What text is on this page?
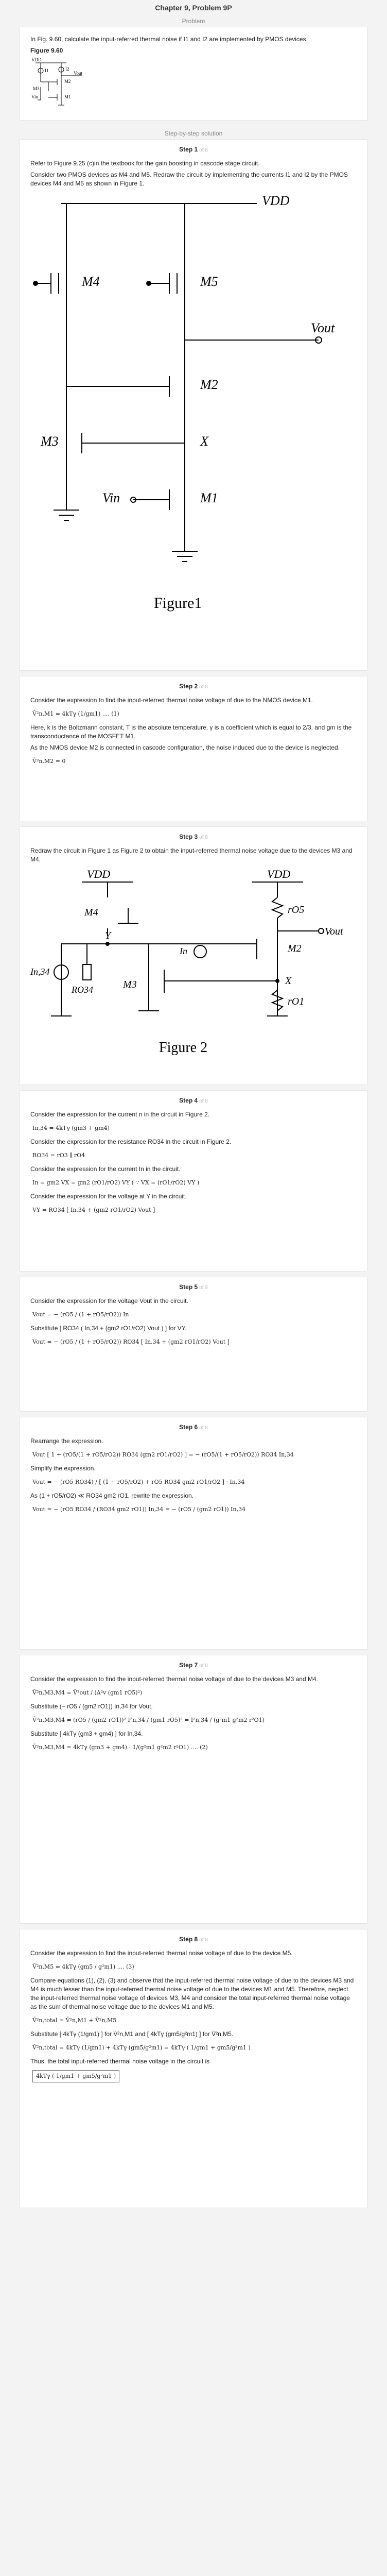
Chapter 9, Problem 9P
Problem

In Fig. 9.60, calculate the input-referred thermal noise if I1 and I2 are implemented by PMOS devices.

Figure 9.60

VDD
I1	I2
Vout
M2
M3
M1
Vin
Step-by-step solution
Step 1 of 8

Refer to Figure 9.25 (c)in the textbook for the gain boosting in cascode stage circuit.

Consider two PMOS devices as M4 and M5. Redraw the circuit by implementing the currents I1 and I2 by the PMOS devices M4 and M5 as shown in Figure 1.

VDD
M4	M5
Vout
M2
M3	X
Vin	M1
Figure1
Step 2 of 8

Consider the expression to find the input-referred thermal noise voltage of due to the NMOS device M1.

V̄²n,M1 = 4kTγ (1/gm1) .... (1)

Here, k is the Boltzmann constant, T is the absolute temperature, γ is a coefficient which is equal to 2/3, and gm is the transconductance of the MOSFET M1.

As the NMOS device M2 is connected in cascode configuration, the noise induced due to the device is neglected.

V̄²n,M2 = 0
Step 3 of 8

Redraw the circuit in Figure 1 as Figure 2 to obtain the input-referred thermal noise voltage due to the devices M3 and M4.

VDD	VDD
M4	rO5
Vout
Y
In	M2
In,34
RO34	M3	X
rO1
Figure 2
Step 4 of 8

Consider the expression for the current n in the circuit in Figure 2.

In,34 = 4kTγ (gm3 + gm4)

Consider the expression for the resistance RO34 in the circuit in Figure 2.

RO34 = rO3 ∥ rO4

Consider the expression for the current In in the circuit.

In = gm2 VX = gm2 (rO1/rO2) VY ( ∵ VX = (rO1/rO2) VY )

Consider the expression for the voltage at Y in the circuit.

VY = RO34 [ In,34 + (gm2 rO1/rO2) Vout ]
Step 5 of 8

Consider the expression for the voltage Vout in the circuit.

Vout = − (rO5 / (1 + rO5/rO2)) In

Substitute [ RO34 ( In,34 + (gm2 rO1/rO2) Vout ) ] for VY.

Vout = − (rO5 / (1 + rO5/rO2)) RO34 [ In,34 + (gm2 rO1/rO2) Vout ]
Step 6 of 8

Rearrange the expression.

Vout [ 1 + (rO5/(1 + rO5/rO2)) RO34 (gm2 rO1/rO2) ] = − (rO5/(1 + rO5/rO2)) RO34 In,34

Simplify the expression.

Vout = − (rO5 RO34) / [ (1 + rO5/rO2) + rO5 RO34 gm2 rO1/rO2 ] · In,34

As (1 + rO5/rO2) ≪ RO34 gm2 rO1, rewrite the expression.

Vout = − (rO5 RO34 / (RO34 gm2 rO1)) In,34 = − (rO5 / (gm2 rO1)) In,34
Step 7 of 8

Consider the expression to find the input-referred thermal noise voltage of due to the devices M3 and M4.

V̄²n,M3,M4 = V̄²out / (A²v (gm1 rO5)²)

Substitute (− rO5 / (gm2 rO1)) In,34 for Vout.

V̄²n,M3,M4 = (rO5 / (gm2 rO1))² I²n,34 / (gm1 rO5)² = I²n,34 / (g²m1 g²m2 r²O1)

Substitute [ 4kTγ (gm3 + gm4) ] for In,34.

V̄²n,M3,M4 = 4kTγ (gm3 + gm4) · 1/(g²m1 g²m2 r²O1) .... (2)
Step 8 of 8

Consider the expression to find the input-referred thermal noise voltage of due to the device M5.

V̄²n,M5 = 4kTγ (gm5 / g²m1) .... (3)

Compare equations (1), (2), (3) and observe that the input-referred thermal noise voltage of due to the devices M3 and M4 is much lesser than the input-referred thermal noise voltage of due to the devices M1 and M5. Therefore, neglect the input-referred thermal noise voltage of devices M3, M4 and consider the total input-referred thermal noise voltage as the sum of thermal noise voltage due to the devices M1 and M5.

V̄²n,total = V̄²n,M1 + V̄²n,M5

Substitute [ 4kTγ (1/gm1) ] for V̄²n,M1 and [ 4kTγ (gm5/g²m1) ] for V̄²n,M5.

V̄²n,total = 4kTγ (1/gm1) + 4kTγ (gm5/g²m1) = 4kTγ ( 1/gm1 + gm5/g²m1 )

Thus, the total input-referred thermal noise voltage in the circuit is

4kTγ ( 1/gm1 + gm5/g²m1 )
